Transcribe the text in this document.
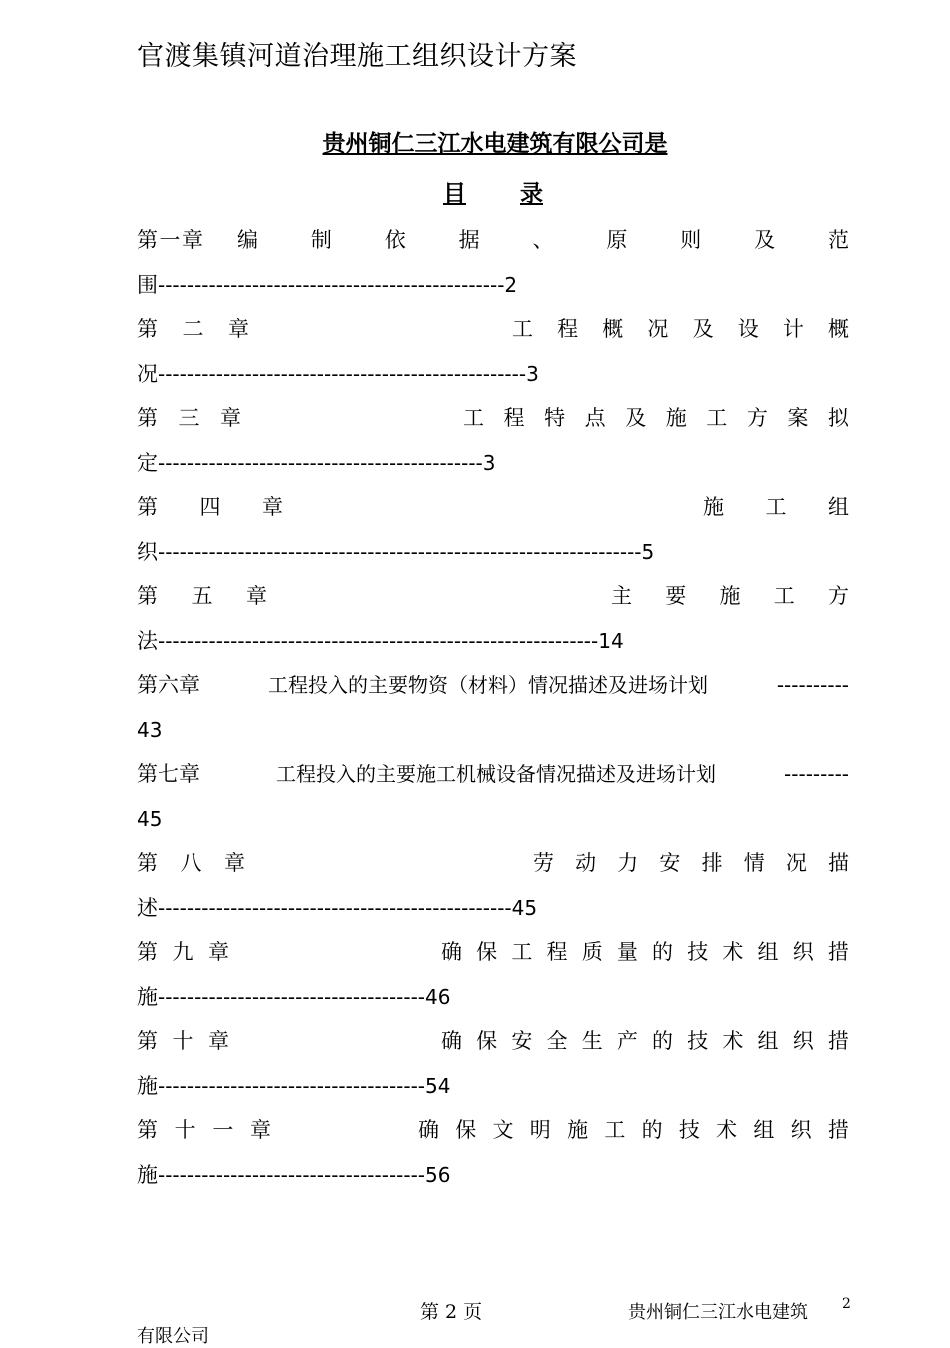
官渡集镇河道治理施工组织设计方案
贵州铜仁三江水电建筑有限公司是
目 录
第 一 章 编	制	依	据	、	原	则	及	范
围------------------------------------------------2
第 二 章	工 程 概 况 及 设 计 概
况---------------------------------------------------3
第 三 章	工 程 特 点 及 施 工 方 案 拟
定---------------------------------------------3
第 四 章	施 工 组
织-------------------------------------------------------------------5
第 五 章	主 要 施 工 方
法-------------------------------------------------------------14
第六章	工程投入的主要物资（材料）情况描述及进场计划	----------
43
第七章	工程投入的主要施工机械设备情况描述及进场计划	---------
45
第 八 章	劳 动 力 安 排 情 况 描
述-------------------------------------------------45
第 九 章	确 保 工 程 质 量 的 技 术 组 织 措
施-------------------------------------46
第 十 章	确 保 安 全 生 产 的 技 术 组 织 措
施-------------------------------------54
第 十 一 章	确 保 文 明 施 工 的 技 术 组 织 措
施-------------------------------------56
第 2 页	贵州铜仁三江水电建筑 2
有限公司
